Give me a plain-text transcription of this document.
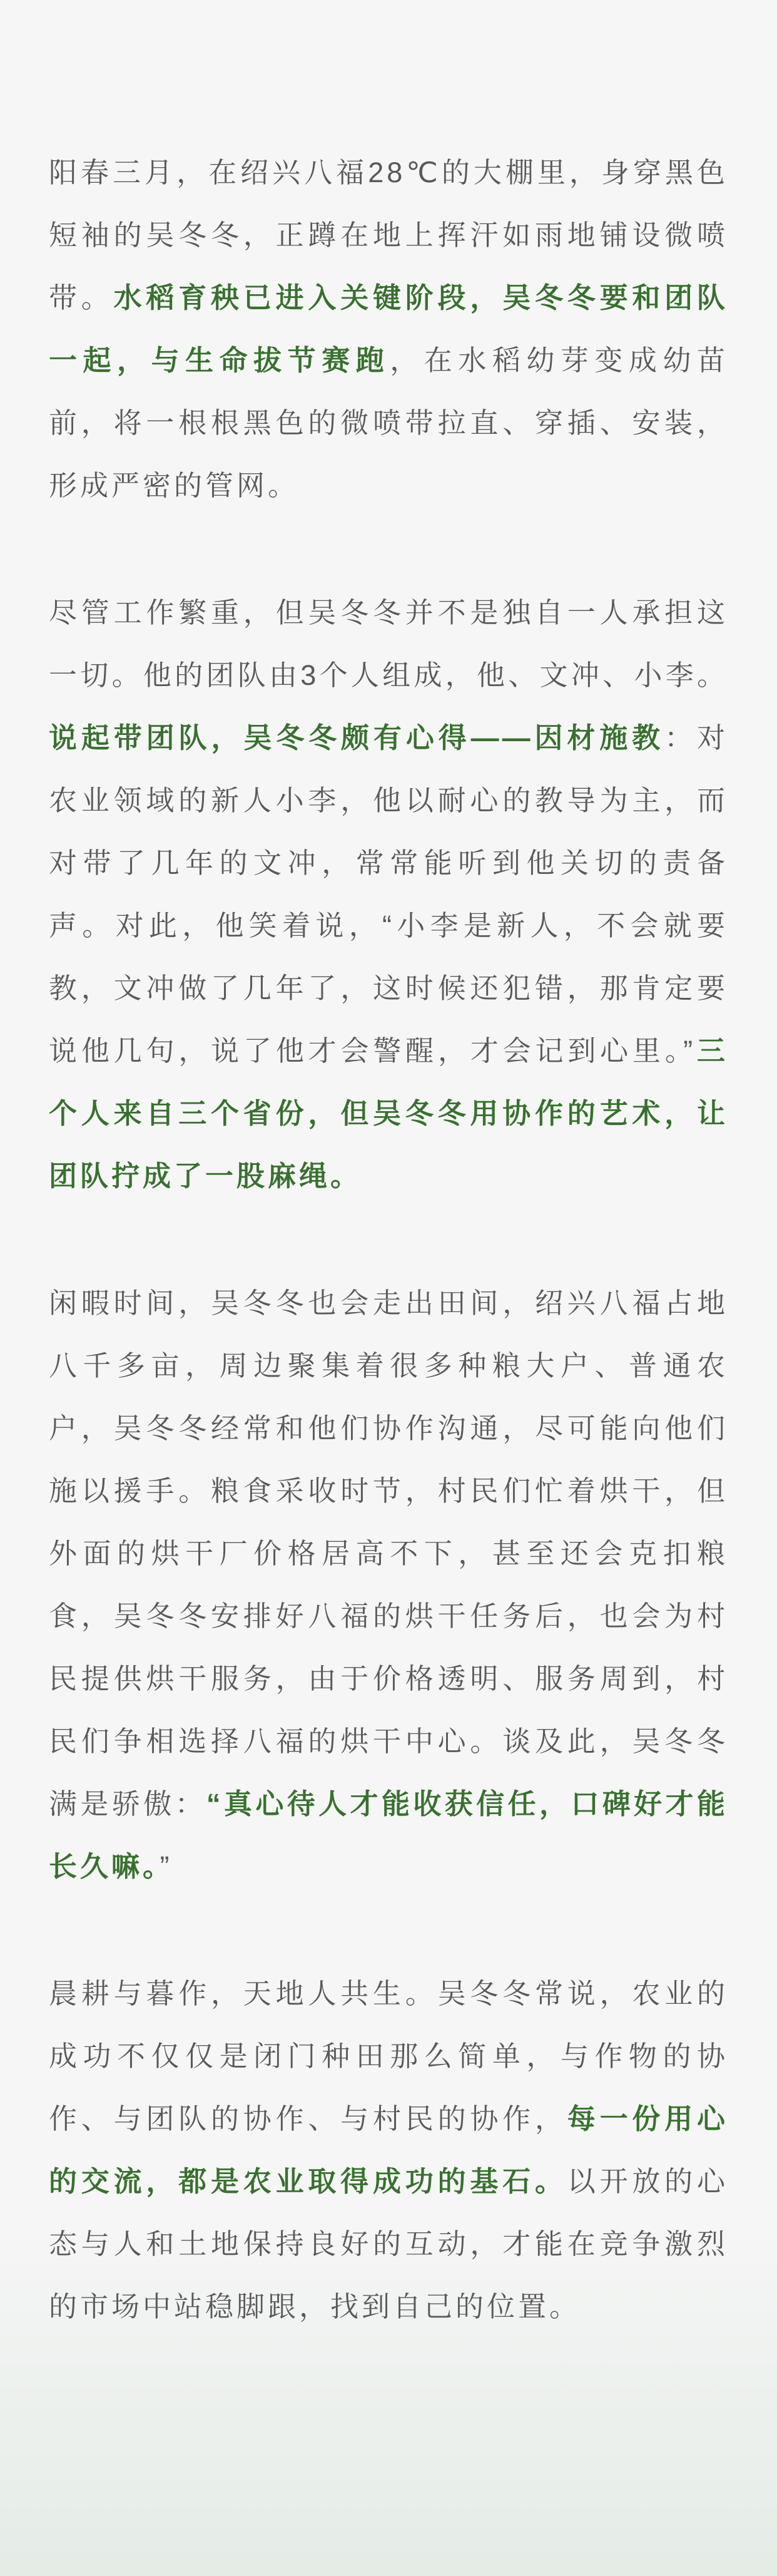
阳春三月，在绍兴八福28℃的大棚里，身穿黑色短袖的吴冬冬，正蹲在地上挥汗如雨地铺设微喷带。水稻育秧已进入关键阶段，吴冬冬要和团队一起，与生命拔节赛跑，在水稻幼芽变成幼苗前，将一根根黑色的微喷带拉直、穿插、安装，形成严密的管网。

尽管工作繁重，但吴冬冬并不是独自一人承担这一切。他的团队由3个人组成，他、文冲、小李。说起带团队，吴冬冬颇有心得——因材施教：对农业领域的新人小李，他以耐心的教导为主，而对带了几年的文冲，常常能听到他关切的责备声。对此，他笑着说，“小李是新人，不会就要教，文冲做了几年了，这时候还犯错，那肯定要说他几句，说了他才会警醒，才会记到心里。”三个人来自三个省份，但吴冬冬用协作的艺术，让团队拧成了一股麻绳。

闲暇时间，吴冬冬也会走出田间，绍兴八福占地八千多亩，周边聚集着很多种粮大户、普通农户，吴冬冬经常和他们协作沟通，尽可能向他们施以援手。粮食采收时节，村民们忙着烘干，但外面的烘干厂价格居高不下，甚至还会克扣粮食，吴冬冬安排好八福的烘干任务后，也会为村民提供烘干服务，由于价格透明、服务周到，村民们争相选择八福的烘干中心。谈及此，吴冬冬满是骄傲：“真心待人才能收获信任，口碑好才能长久嘛。”

晨耕与暮作，天地人共生。吴冬冬常说，农业的成功不仅仅是闭门种田那么简单，与作物的协作、与团队的协作、与村民的协作，每一份用心的交流，都是农业取得成功的基石。以开放的心态与人和土地保持良好的互动，才能在竞争激烈的市场中站稳脚跟，找到自己的位置。
